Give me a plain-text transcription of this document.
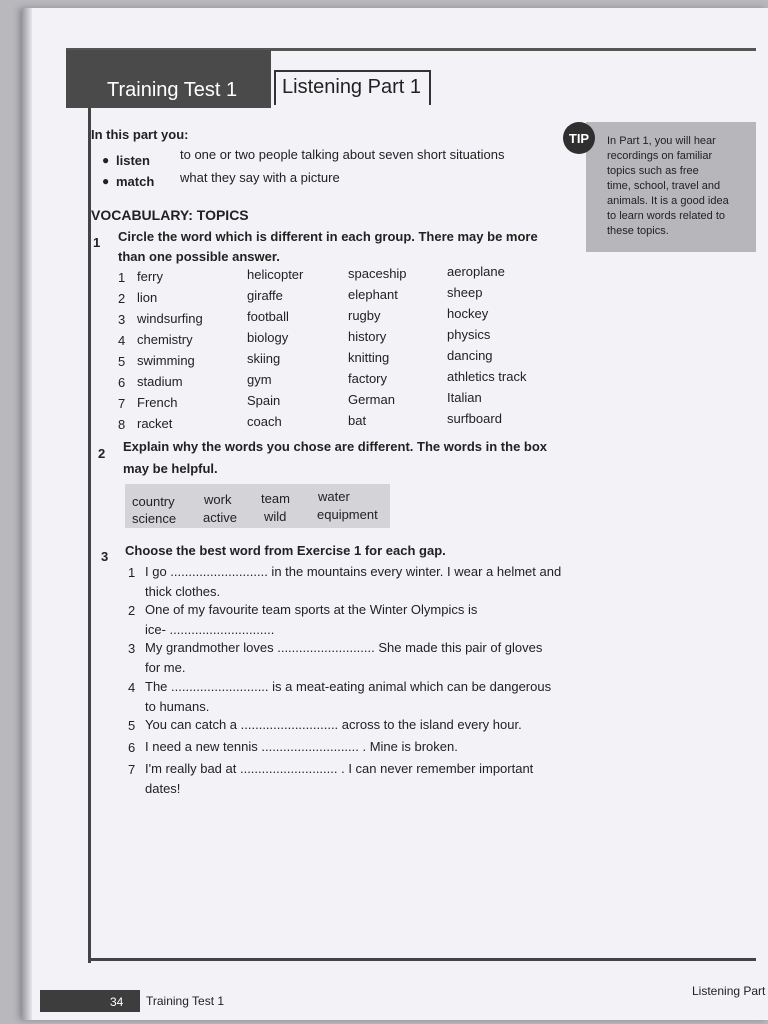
Training Test 1	Listening Part 1
In this part you:
● listen to one or two people talking about seven short situations
● match what they say with a picture
TIP	In Part 1, you will hear
recordings on familiar
topics such as free
time, school, travel and
animals. It is a good idea
to learn words related to
these topics.
VOCABULARY: TOPICS
1 Circle the word which is different in each group. There may be more
than one possible answer.
1 ferry	helicopter	spaceship	aeroplane
2 lion	giraffe	elephant	sheep
3 windsurfing	football	rugby	hockey
4 chemistry	biology	history	physics
5 swimming	skiing	knitting	dancing
6 stadium	gym	factory	athletics track
7 French	Spain	German	Italian
8 racket	coach	bat	surfboard
2 Explain why the words you chose are different. The words in the box
may be helpful.
country work team water
science active wild equipment
3 Choose the best word from Exercise 1 for each gap.
1 I go ........................... in the mountains every winter. I wear a helmet and
thick clothes.
2 One of my favourite team sports at the Winter Olympics is
ice- .............................
3 My grandmother loves ........................... She made this pair of gloves
for me.
4 The ........................... is a meat-eating animal which can be dangerous
to humans.
5 You can catch a ........................... across to the island every hour.
6 I need a new tennis ........................... . Mine is broken.
7 I'm really bad at ........................... . I can never remember important
dates!
34 Training Test 1
Listening Part
